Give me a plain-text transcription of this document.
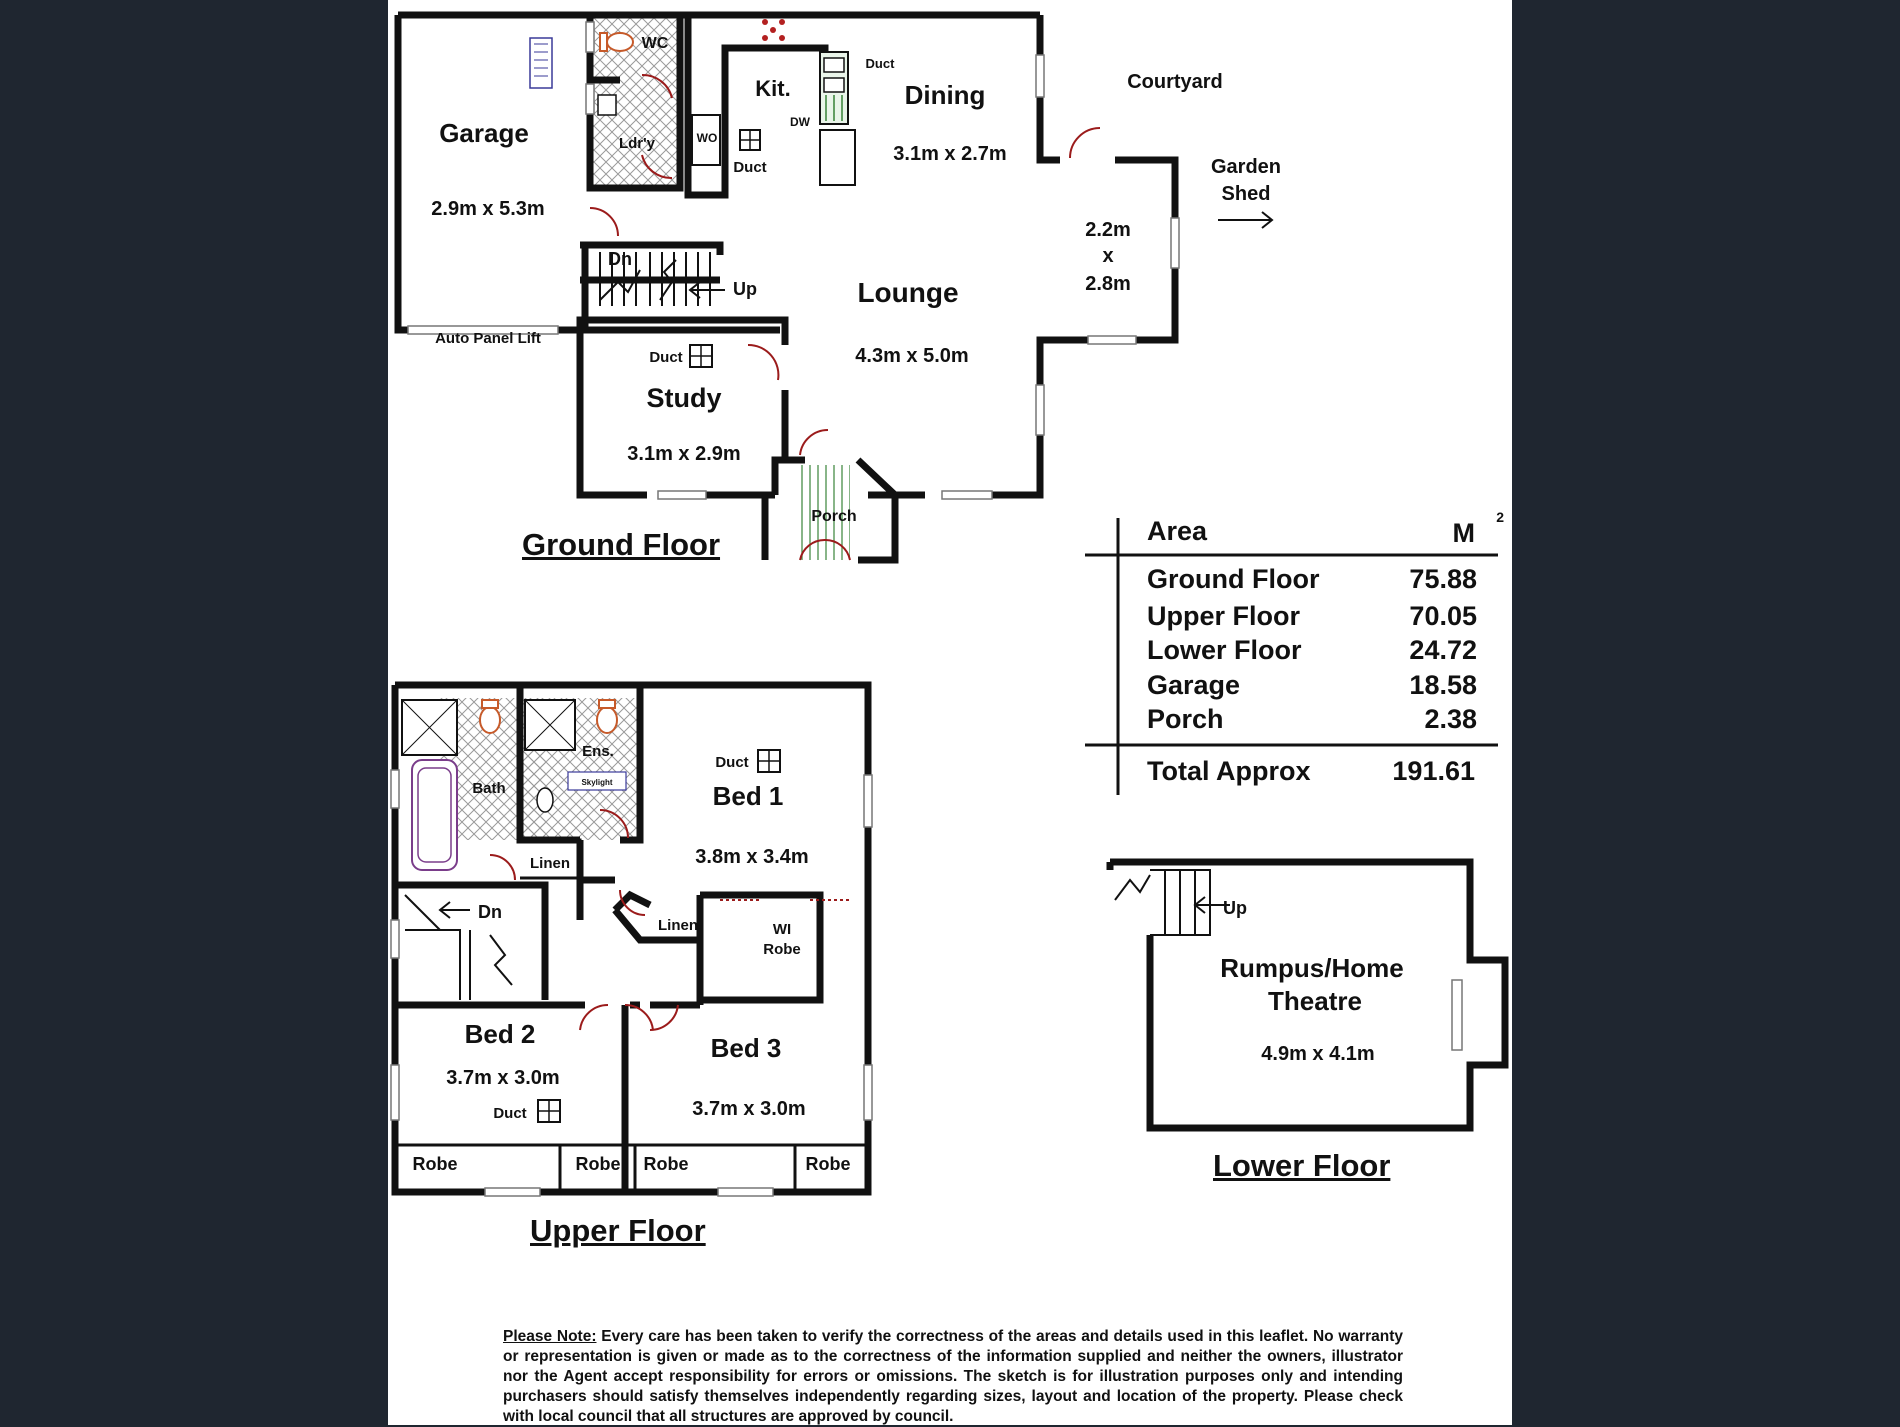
Garage
2.9m x 5.3m
WC
Ldr'y	WO
Duct
Kit.
Duct
DW
Dining
3.1m x 2.7m
Courtyard
Garden
Shed
2.2m
x
2.8m
Dn
Up	Lounge
4.3m x 5.0m
Auto Panel Lift
Duct
Study
3.1m x 2.9m
Porch
Bath
Ens.
Skylight
Duct
Bed 1
3.8m x 3.4m
Linen
Linen	WI
Robe
Dn
Bed 2
3.7m x 3.0m
Duct
Bed 3
3.7m x 3.0m
Robe	Robe Robe	Robe
Up
Rumpus/Home
Theatre
4.9m x 4.1m
Area	M
2
Ground Floor	75.88
Upper Floor	70.05
Lower Floor	24.72
Garage	18.58
Porch	2.38
Total Approx	191.61
Ground Floor
Upper Floor
Lower Floor

Please Note: Every care has been taken to verify the correctness of the areas and details used in this leaflet. No warranty or representation is given or made as to the correctness of the information supplied and neither the owners, illustrator nor the Agent accept responsibility for errors or omissions. The sketch is for illustration purposes only and intending purchasers should satisfy themselves independently regarding sizes, layout and location of the property. Please check with local council that all structures are approved by council.
